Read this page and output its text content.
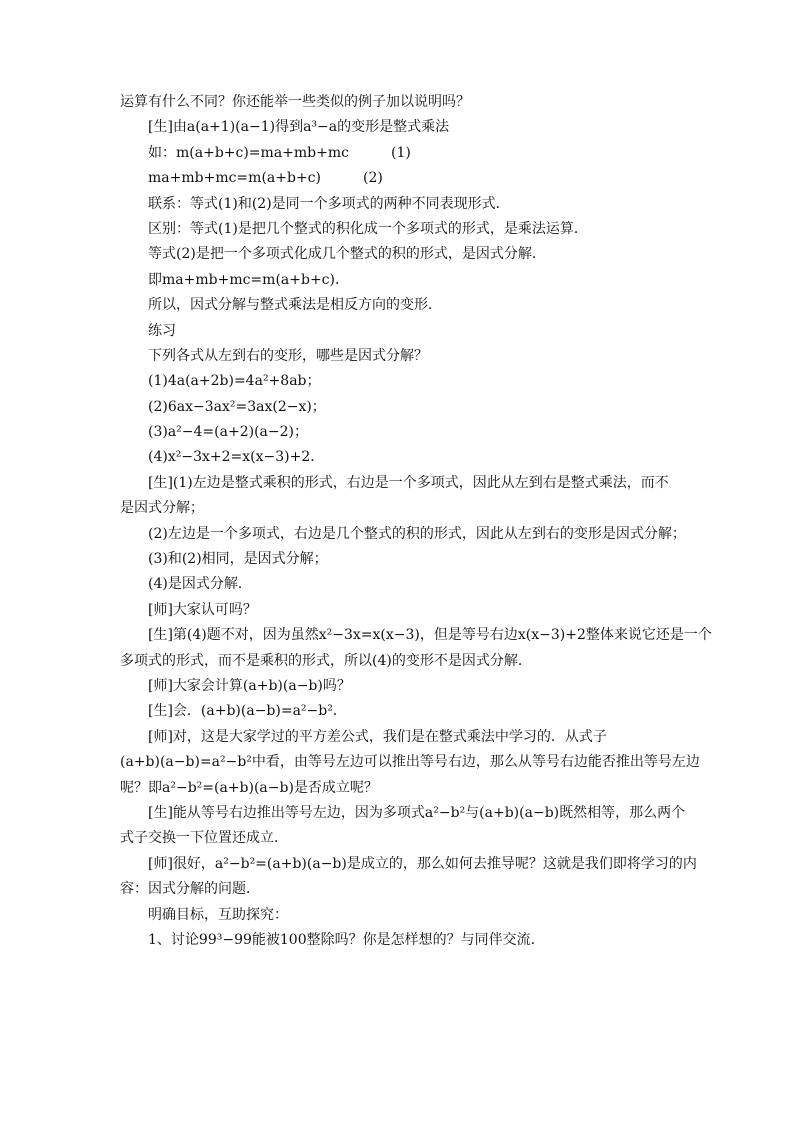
运算有什么不同？你还能举一些类似的例子加以说明吗？
[生]由a(a+1)(a−1)得到a³−a的变形是整式乘法
如：m(a+b+c)=ma+mb+mc　　　(1)
ma+mb+mc=m(a+b+c)　　　(2)
联系：等式(1)和(2)是同一个多项式的两种不同表现形式．
区别：等式(1)是把几个整式的积化成一个多项式的形式，是乘法运算．
等式(2)是把一个多项式化成几个整式的积的形式，是因式分解．
即ma+mb+mc=m(a+b+c)．
所以，因式分解与整式乘法是相反方向的变形．
练习
下列各式从左到右的变形，哪些是因式分解？
(1)4a(a+2b)=4a²+8ab；
(2)6ax−3ax²=3ax(2−x)；
(3)a²−4=(a+2)(a−2)；
(4)x²−3x+2=x(x−3)+2．
[生](1)左边是整式乘积的形式，右边是一个多项式，因此从左到右是整式乘法，而不
是因式分解；
(2)左边是一个多项式，右边是几个整式的积的形式，因此从左到右的变形是因式分解；
(3)和(2)相同，是因式分解；
(4)是因式分解．
[师]大家认可吗？
[生]第(4)题不对，因为虽然x²−3x=x(x−3)，但是等号右边x(x−3)+2整体来说它还是一个
多项式的形式，而不是乘积的形式，所以(4)的变形不是因式分解．
[师]大家会计算(a+b)(a−b)吗？
[生]会．(a+b)(a−b)=a²−b²．
[师]对，这是大家学过的平方差公式，我们是在整式乘法中学习的．从式子
(a+b)(a−b)=a²−b²中看，由等号左边可以推出等号右边，那么从等号右边能否推出等号左边
呢？即a²−b²=(a+b)(a−b)是否成立呢？
[生]能从等号右边推出等号左边，因为多项式a²−b²与(a+b)(a−b)既然相等，那么两个
式子交换一下位置还成立．
[师]很好，a²−b²=(a+b)(a−b)是成立的，那么如何去推导呢？这就是我们即将学习的内
容：因式分解的问题．
明确目标，互助探究：
1、讨论99³−99能被100整除吗？你是怎样想的？与同伴交流．
